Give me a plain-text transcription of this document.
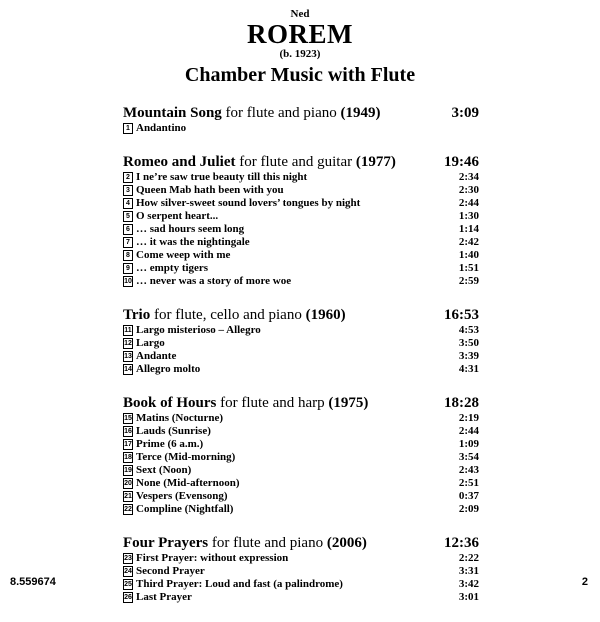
Ned
ROREM
(b. 1923)
Chamber Music with Flute
Mountain Song for flute and piano (1949)	3:09
1 Andantino
Romeo and Juliet for flute and guitar (1977)	19:46
2 I ne’re saw true beauty till this night	2:34
3 Queen Mab hath been with you	2:30
4 How silver-sweet sound lovers’ tongues by night	2:44
5 O serpent heart...	1:30
6 … sad hours seem long	1:14
7 … it was the nightingale	2:42
8 Come weep with me	1:40
9 … empty tigers	1:51
10 … never was a story of more woe	2:59
Trio for flute, cello and piano (1960)	16:53
11 Largo misterioso – Allegro	4:53
12 Largo	3:50
13 Andante	3:39
14 Allegro molto	4:31
Book of Hours for flute and harp (1975)	18:28
15 Matins (Nocturne)	2:19
16 Lauds (Sunrise)	2:44
17 Prime (6 a.m.)	1:09
18 Terce (Mid-morning)	3:54
19 Sext (Noon)	2:43
20 None (Mid-afternoon)	2:51
21 Vespers (Evensong)	0:37
22 Compline (Nightfall)	2:09
Four Prayers for flute and piano (2006)	12:36
23 First Prayer: without expression	2:22
24 Second Prayer	3:31
25 Third Prayer: Loud and fast (a palindrome)	3:42
26 Last Prayer	3:01
8.559674	2
